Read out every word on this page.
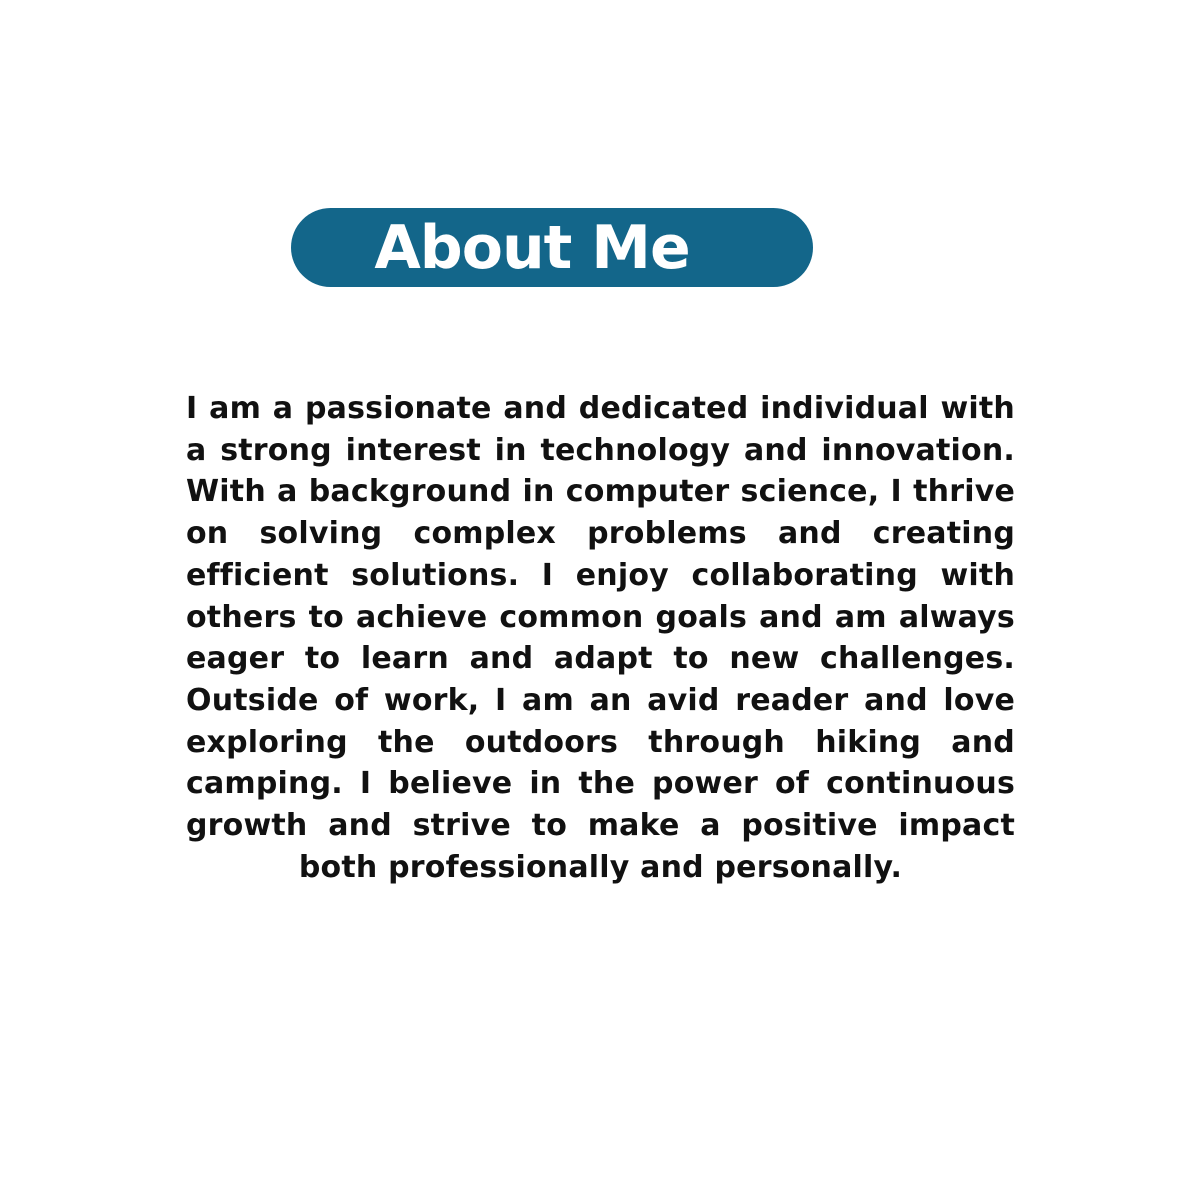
About Me

I am a passionate and dedicated individual with a strong interest in technology and innovation. With a background in computer science, I thrive on solving complex problems and creating efficient solutions. I enjoy collaborating with others to achieve common goals and am always eager to learn and adapt to new challenges. Outside of work, I am an avid reader and love exploring the outdoors through hiking and camping. I believe in the power of continuous growth and strive to make a positive impact both professionally and personally.
